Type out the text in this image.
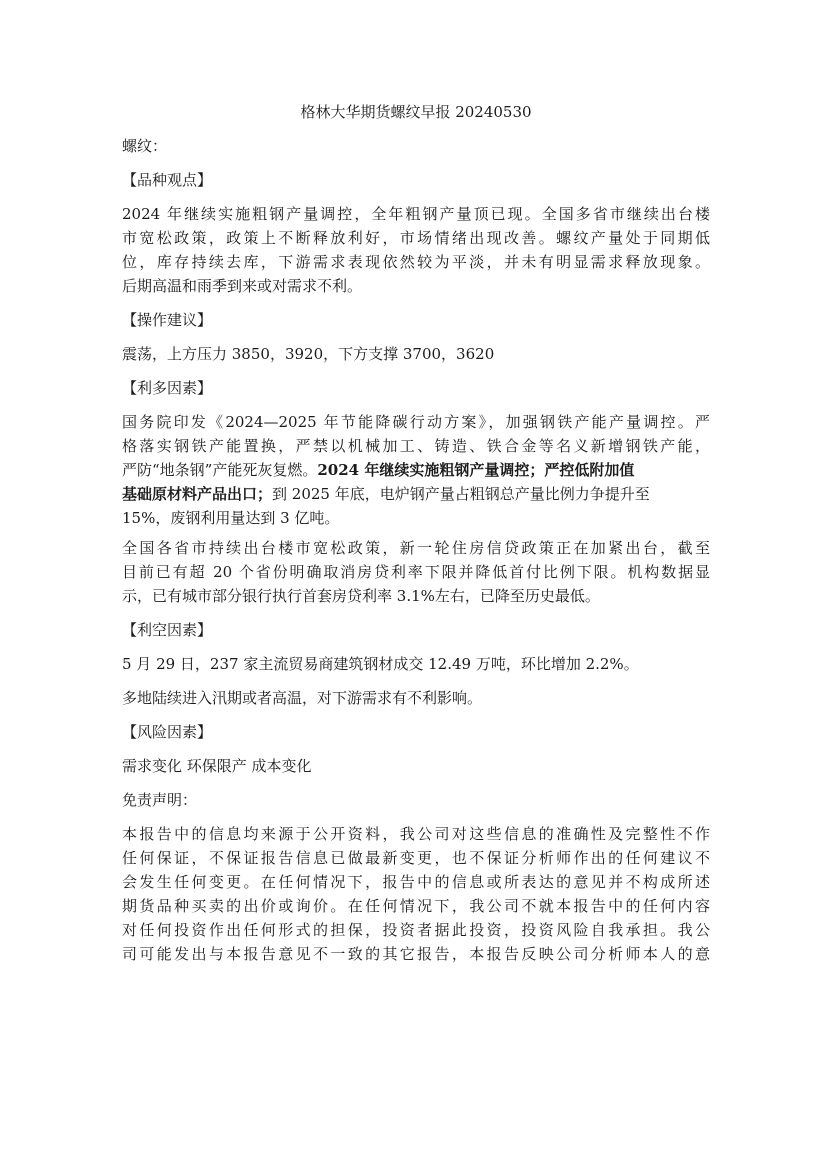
格林大华期货螺纹早报 20240530
螺纹：
【品种观点】
2024 年继续实施粗钢产量调控，全年粗钢产量顶已现。全国多省市继续出台楼
市宽松政策，政策上不断释放利好，市场情绪出现改善。螺纹产量处于同期低
位，库存持续去库，下游需求表现依然较为平淡，并未有明显需求释放现象。
后期高温和雨季到来或对需求不利。
【操作建议】
震荡，上方压力 3850，3920，下方支撑 3700，3620
【利多因素】
国务院印发《2024—2025 年节能降碳行动方案》，加强钢铁产能产量调控。严
格落实钢铁产能置换，严禁以机械加工、铸造、铁合金等名义新增钢铁产能，
严防“地条钢”产能死灰复燃。2024 年继续实施粗钢产量调控；严控低附加值
基础原材料产品出口；到 2025 年底，电炉钢产量占粗钢总产量比例力争提升至
15%，废钢利用量达到 3 亿吨。
全国各省市持续出台楼市宽松政策，新一轮住房信贷政策正在加紧出台，截至
目前已有超 20 个省份明确取消房贷利率下限并降低首付比例下限。机构数据显
示，已有城市部分银行执行首套房贷利率 3.1%左右，已降至历史最低。
【利空因素】
5 月 29 日，237 家主流贸易商建筑钢材成交 12.49 万吨，环比增加 2.2%。
多地陆续进入汛期或者高温，对下游需求有不利影响。
【风险因素】
需求变化 环保限产 成本变化
免责声明：
本报告中的信息均来源于公开资料，我公司对这些信息的准确性及完整性不作
任何保证，不保证报告信息已做最新变更，也不保证分析师作出的任何建议不
会发生任何变更。在任何情况下，报告中的信息或所表达的意见并不构成所述
期货品种买卖的出价或询价。在任何情况下，我公司不就本报告中的任何内容
对任何投资作出任何形式的担保，投资者据此投资，投资风险自我承担。我公
司可能发出与本报告意见不一致的其它报告，本报告反映公司分析师本人的意
